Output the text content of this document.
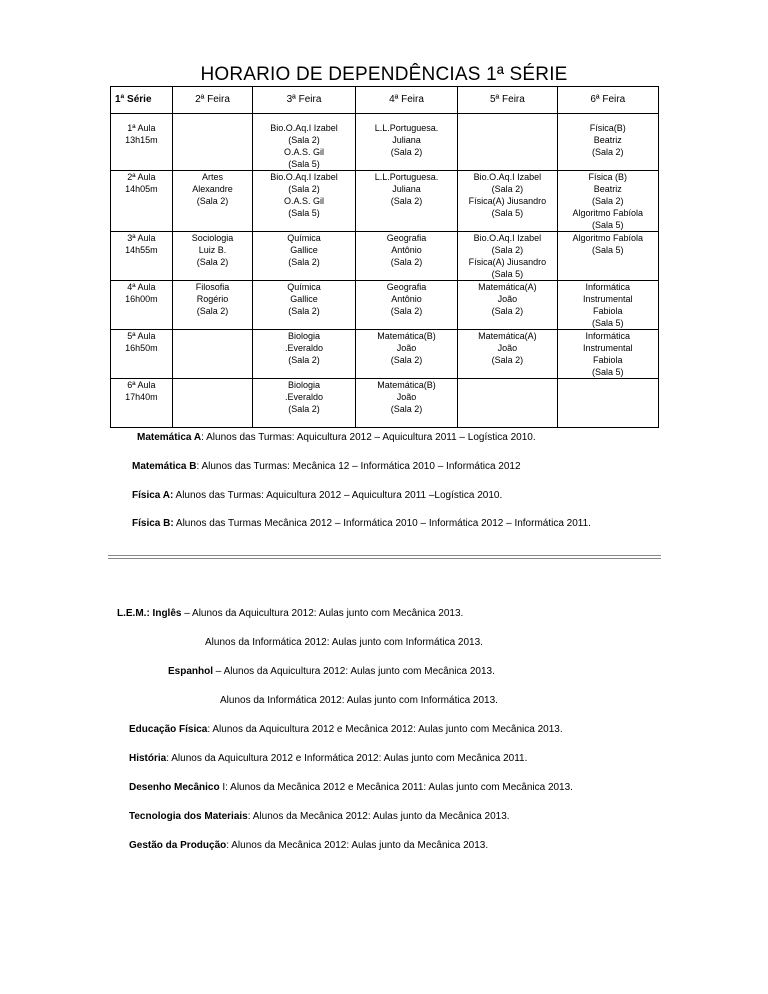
HORARIO DE DEPENDÊNCIAS 1ª SÉRIE
1ª Série	2ª Feira	3ª Feira	4ª Feira	5ª Feira	6ª Feira

1ª Aula
13h15m		Bio.O.Aq.I Izabel
(Sala 2)
O.A.S. Gil
(Sala 5)	L.L.Portuguesa.
Juliana
(Sala 2)		Física(B)
Beatriz
(Sala 2)

2ª Aula
14h05m	Artes
Alexandre
(Sala 2)	Bio.O.Aq.I Izabel
(Sala 2)
O.A.S. Gil
(Sala 5)	L.L.Portuguesa.
Juliana
(Sala 2)	Bio.O.Aq.I Izabel
(Sala 2)
Física(A) Jiusandro
(Sala 5)	Física (B)
Beatriz
(Sala 2)
Algoritmo Fabíola
(Sala 5)

3ª Aula
14h55m	Sociologia
Luiz B.
(Sala 2)	Química
Gallice
(Sala 2)	Geografia
Antônio
(Sala 2)	Bio.O.Aq.I Izabel
(Sala 2)
Física(A) Jiusandro
(Sala 5)	Algoritmo Fabíola
(Sala 5)

4ª Aula
16h00m	Filosofia
Rogério
(Sala 2)	Química
Gallice
(Sala 2)	Geografia
Antônio
(Sala 2)	Matemática(A)
João
(Sala 2)	Informática
Instrumental
Fabiola
(Sala 5)

5ª Aula
16h50m		Biologia
.Everaldo
(Sala 2)	Matemática(B)
João
(Sala 2)	Matemática(A)
João
(Sala 2)	Informática
Instrumental
Fabiola
(Sala 5)

6ª Aula
17h40m		Biologia
.Everaldo
(Sala 2)	Matemática(B)
João
(Sala 2)		

Matemática A: Alunos das Turmas: Aquicultura 2012 – Aquicultura 2011 – Logística 2010.
Matemática B: Alunos das Turmas: Mecânica 12 – Informática 2010 – Informática 2012
Física A: Alunos das Turmas: Aquicultura 2012 – Aquicultura 2011 –Logística 2010.
Física B: Alunos das Turmas Mecânica 2012 – Informática 2010 – Informática 2012 – Informática 2011.
L.E.M.: Inglês – Alunos da Aquicultura 2012: Aulas junto com Mecânica 2013.
Alunos da Informática 2012: Aulas junto com Informática 2013.
Espanhol – Alunos da Aquicultura 2012: Aulas junto com Mecânica 2013.
Alunos da Informática 2012: Aulas junto com Informática 2013.
Educação Física: Alunos da Aquicultura 2012 e Mecânica 2012: Aulas junto com Mecânica 2013.
História: Alunos da Aquicultura 2012 e Informática 2012: Aulas junto com Mecânica 2011.
Desenho Mecânico I: Alunos da Mecânica 2012 e Mecânica 2011: Aulas junto com Mecânica 2013.
Tecnologia dos Materiais: Alunos da Mecânica 2012: Aulas junto da Mecânica 2013.
Gestão da Produção: Alunos da Mecânica 2012: Aulas junto da Mecânica 2013.
